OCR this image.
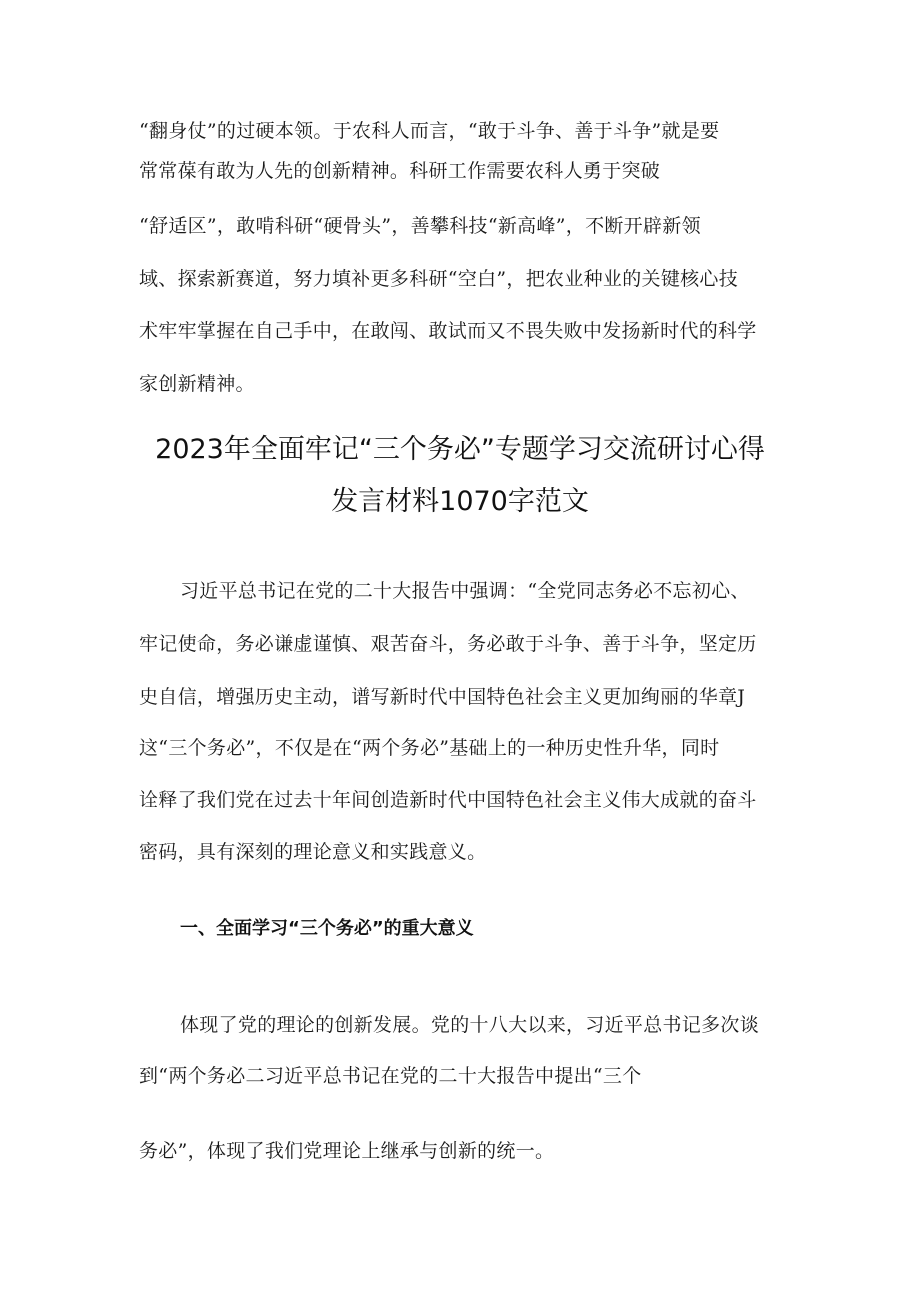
“翻身仗”的过硬本领。于农科人而言，“敢于斗争、善于斗争”就是要
常常葆有敢为人先的创新精神。科研工作需要农科人勇于突破
“舒适区”，敢啃科研“硬骨头”，善攀科技“新高峰”，不断开辟新领
域、探索新赛道，努力填补更多科研“空白”，把农业种业的关键核心技
术牢牢掌握在自己手中，在敢闯、敢试而又不畏失败中发扬新时代的科学
家创新精神。
2023年全面牢记“三个务必”专题学习交流研讨心得
发言材料1070字范文
习近平总书记在党的二十大报告中强调：“全党同志务必不忘初心、
牢记使命，务必谦虚谨慎、艰苦奋斗，务必敢于斗争、善于斗争，坚定历
史自信，增强历史主动，谱写新时代中国特色社会主义更加绚丽的华章J
这“三个务必”，不仅是在“两个务必”基础上的一种历史性升华，同时
诠释了我们党在过去十年间创造新时代中国特色社会主义伟大成就的奋斗
密码，具有深刻的理论意义和实践意义。
一、全面学习“三个务必”的重大意义
体现了党的理论的创新发展。党的十八大以来，习近平总书记多次谈
到“两个务必二习近平总书记在党的二十大报告中提出“三个
务必”，体现了我们党理论上继承与创新的统一。
